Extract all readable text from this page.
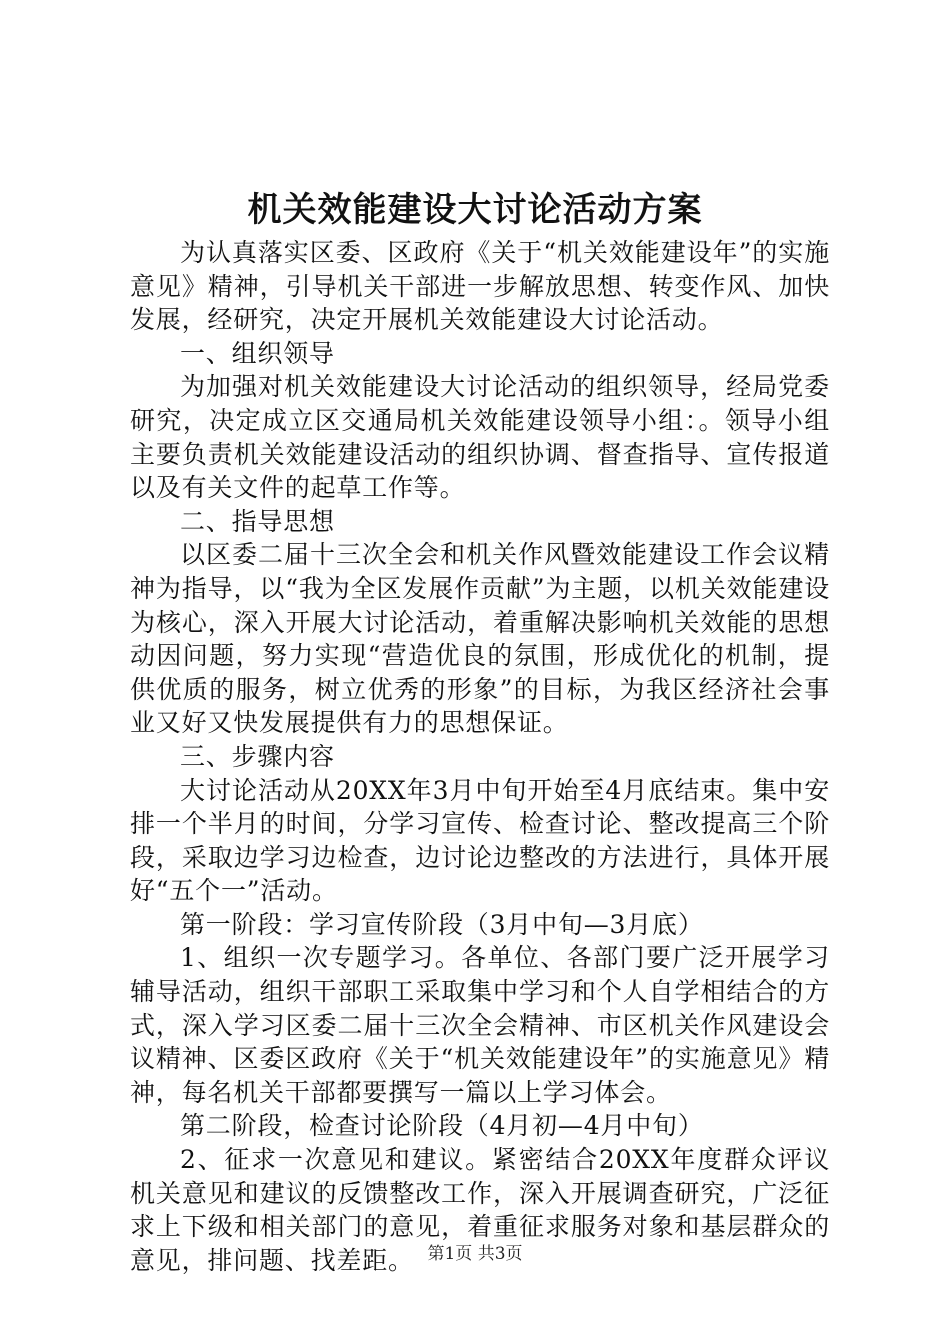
机关效能建设大讨论活动方案

为认真落实区委、区政府《关于“机关效能建设年”的实施意见》精神，引导机关干部进一步解放思想、转变作风、加快发展，经研究，决定开展机关效能建设大讨论活动。

一、组织领导

为加强对机关效能建设大讨论活动的组织领导，经局党委研究，决定成立区交通局机关效能建设领导小组：。领导小组主要负责机关效能建设活动的组织协调、督查指导、宣传报道以及有关文件的起草工作等。

二、指导思想

以区委二届十三次全会和机关作风暨效能建设工作会议精神为指导，以“我为全区发展作贡献”为主题，以机关效能建设为核心，深入开展大讨论活动，着重解决影响机关效能的思想动因问题，努力实现“营造优良的氛围，形成优化的机制，提供优质的服务，树立优秀的形象”的目标，为我区经济社会事业又好又快发展提供有力的思想保证。

三、步骤内容

大讨论活动从20XX年3月中旬开始至4月底结束。集中安排一个半月的时间，分学习宣传、检查讨论、整改提高三个阶段，采取边学习边检查，边讨论边整改的方法进行，具体开展好“五个一”活动。

第一阶段：学习宣传阶段（3月中旬—3月底）

1、组织一次专题学习。各单位、各部门要广泛开展学习辅导活动，组织干部职工采取集中学习和个人自学相结合的方式，深入学习区委二届十三次全会精神、市区机关作风建设会议精神、区委区政府《关于“机关效能建设年”的实施意见》精神，每名机关干部都要撰写一篇以上学习体会。

第二阶段，检查讨论阶段（4月初—4月中旬）

2、征求一次意见和建议。紧密结合20XX年度群众评议机关意见和建议的反馈整改工作，深入开展调查研究，广泛征求上下级和相关部门的意见，着重征求服务对象和基层群众的意见，排问题、找差距。 第1页 共3页
